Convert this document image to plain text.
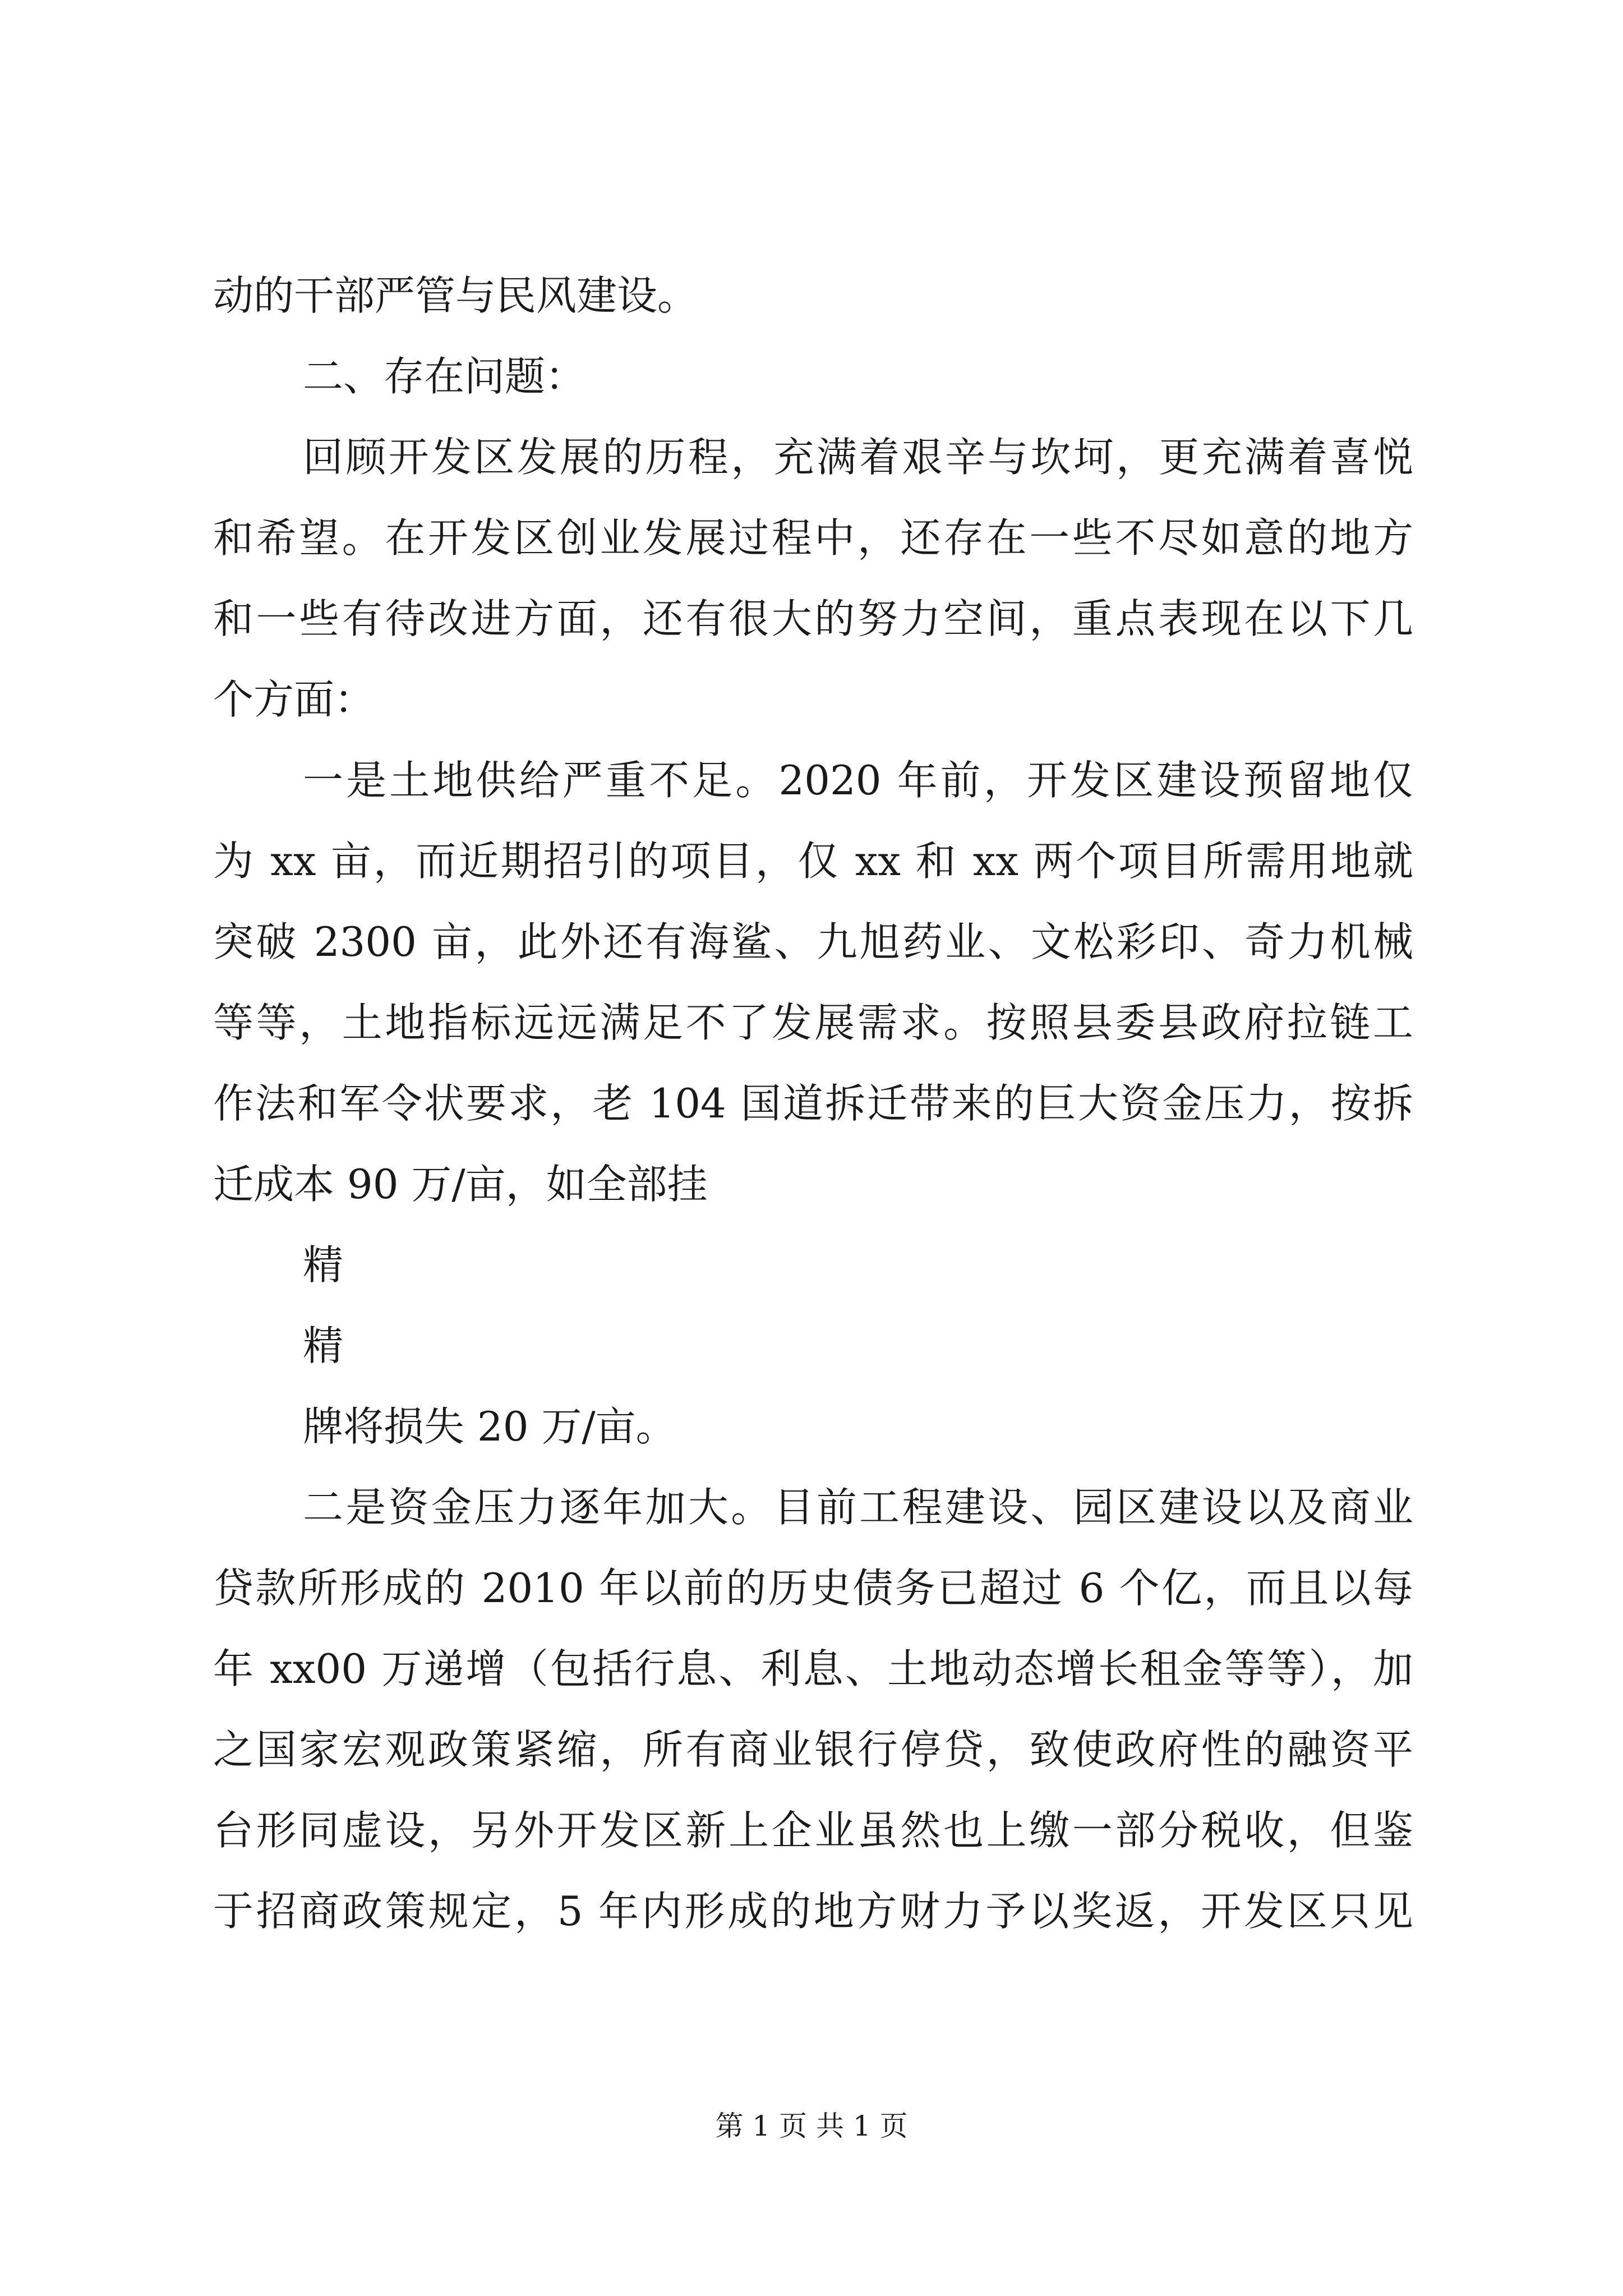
动的干部严管与民风建设。
二、存在问题：
回顾开发区发展的历程，充满着艰辛与坎坷，更充满着喜悦
和希望。在开发区创业发展过程中，还存在一些不尽如意的地方
和一些有待改进方面，还有很大的努力空间，重点表现在以下几
个方面：
一是土地供给严重不足。2020 年前，开发区建设预留地仅
为 xx 亩，而近期招引的项目，仅 xx 和 xx 两个项目所需用地就
突破 2300 亩，此外还有海鲨、九旭药业、文松彩印、奇力机械
等等，土地指标远远满足不了发展需求。按照县委县政府拉链工
作法和军令状要求，老 104 国道拆迁带来的巨大资金压力，按拆
迁成本 90 万/亩，如全部挂
精
精
牌将损失 20 万/亩。
二是资金压力逐年加大。目前工程建设、园区建设以及商业
贷款所形成的 2010 年以前的历史债务已超过 6 个亿，而且以每
年 xx00 万递增（包括行息、利息、土地动态增长租金等等），加
之国家宏观政策紧缩，所有商业银行停贷，致使政府性的融资平
台形同虚设，另外开发区新上企业虽然也上缴一部分税收，但鉴
于招商政策规定，5 年内形成的地方财力予以奖返，开发区只见
第 1 页 共 1 页
